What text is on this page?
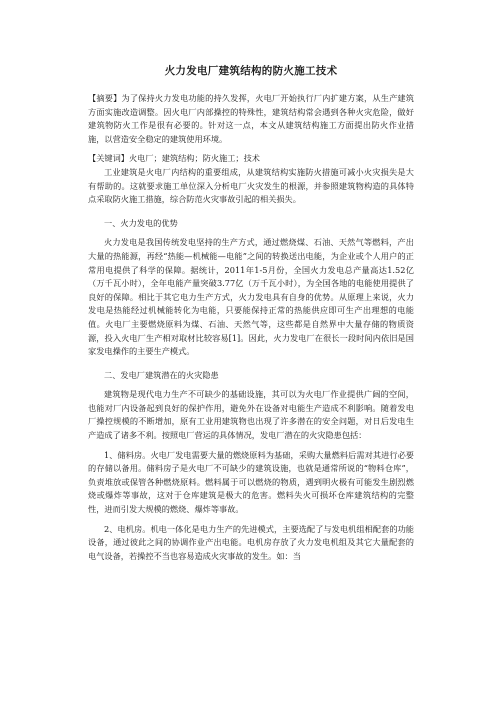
火力发电厂建筑结构的防火施工技术

【摘要】为了保持火力发电功能的持久发挥，火电厂开始执行厂内扩建方案，从生产建筑方面实施改造调整。因火电厂内部操控的特殊性，建筑结构常会遇到各种火灾危险，做好建筑物防火工作是很有必要的。针对这一点，本文从建筑结构施工方面提出防火作业措施，以营造安全稳定的建筑使用环境。

【关键词】火电厂；建筑结构；防火施工；技术

工业建筑是火电厂内结构的重要组成，从建筑结构实施防火措施可减小火灾损失是大有帮助的。这就要求施工单位深入分析电厂火灾发生的根源，并参照建筑物构造的具体特点采取防火施工措施，综合防范火灾事故引起的相关损失。

一、火力发电的优势

火力发电是我国传统发电坚持的生产方式，通过燃烧煤、石油、天然气等燃料，产出大量的热能源，再经“热能—机械能—电能”之间的转换送出电能，为企业或个人用户的正常用电提供了科学的保障。据统计，2011年1-5月份，全国火力发电总产量高达1.52亿（万千瓦小时），全年电能产量突破3.77亿（万千瓦小时），为全国各地的电能使用提供了良好的保障。相比于其它电力生产方式，火力发电具有自身的优势。从原理上来说，火力发电是热能经过机械能转化为电能，只要能保持正常的热能供应即可生产出理想的电能值。火电厂主要燃烧原料为煤、石油、天然气等，这些都是自然界中大量存储的物质资源，投入火电厂生产相对取材比较容易[1]。因此，火力发电厂在很长一段时间内依旧是国家发电操作的主要生产模式。

二、发电厂建筑潜在的火灾隐患

建筑物是现代电力生产不可缺少的基础设施，其可以为火电厂作业提供广阔的空间，也能对厂内设备起到良好的保护作用，避免外在设备对电能生产造成不利影响。随着发电厂操控规模的不断增加，原有工业用建筑物也出现了许多潜在的安全问题，对日后发电生产造成了诸多不利。按照电厂营运的具体情况，发电厂潜在的火灾隐患包括：

1、储料房。火电厂发电需要大量的燃烧原料为基础，采购大量燃料后需对其进行必要的存储以备用。储料房子是火电厂不可缺少的建筑设施，也就是通常所说的“物料仓库”，负责堆放或保管各种燃烧原料。燃料属于可以燃烧的物质，遇到明火极有可能发生剧烈燃烧或爆炸等事故，这对于仓库建筑是极大的危害。燃料失火可损坏仓库建筑结构的完整性，进而引发大规模的燃烧、爆炸等事故。

2、电机房。机电一体化是电力生产的先进模式，主要选配了与发电机组相配套的功能设备，通过彼此之间的协调作业产出电能。电机房存放了火力发电机组及其它大量配套的电气设备，若操控不当也容易造成火灾事故的发生。如：当
